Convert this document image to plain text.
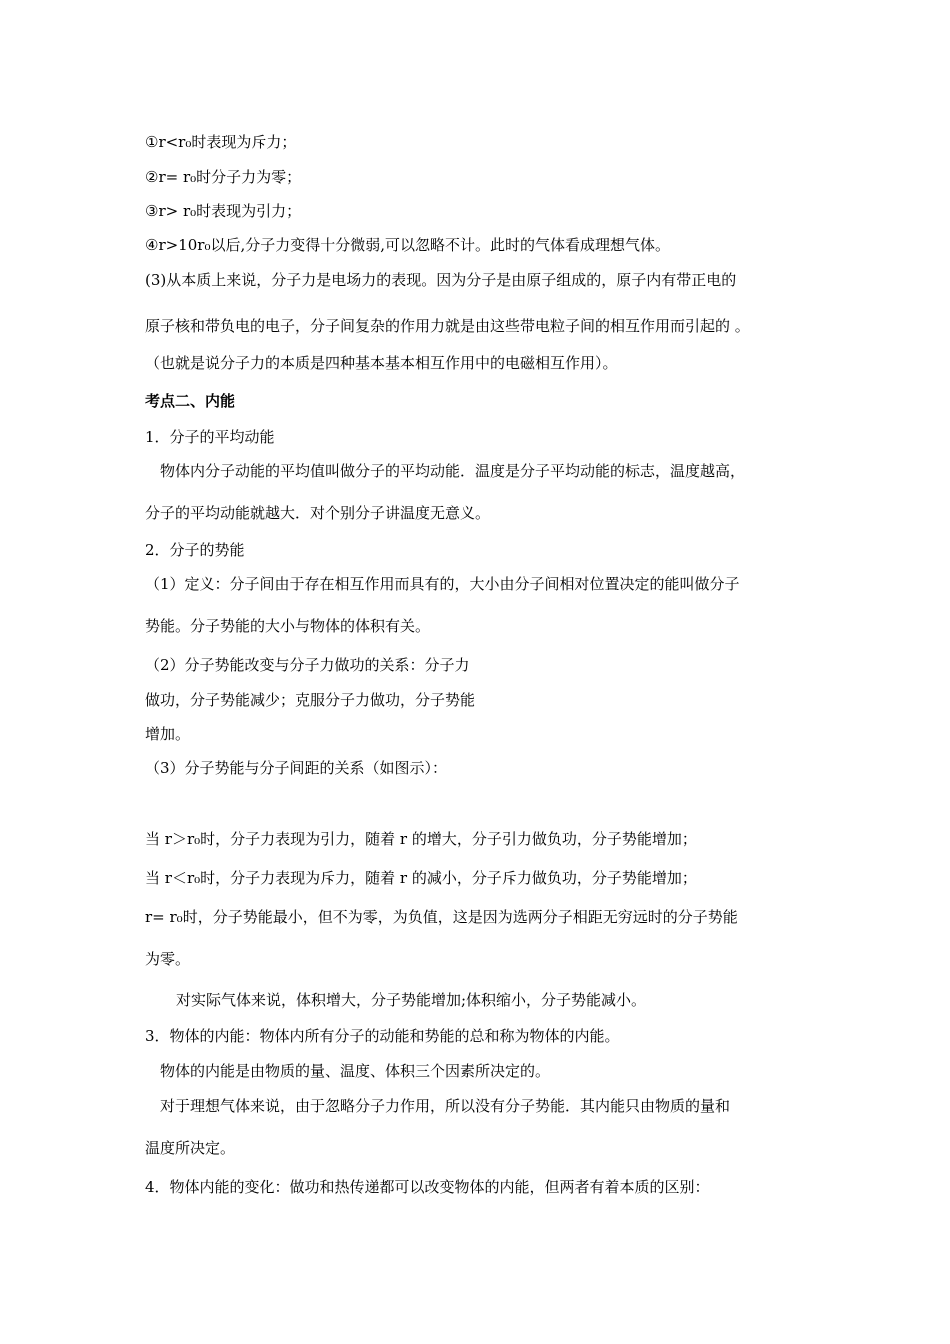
①r<r₀时表现为斥力；
②r= r₀时分子力为零；
③r> r₀时表现为引力；
④r>10r₀以后,分子力变得十分微弱,可以忽略不计。此时的气体看成理想气体。
(3)从本质上来说，分子力是电场力的表现。因为分子是由原子组成的，原子内有带正电的
原子核和带负电的电子，分子间复杂的作用力就是由这些带电粒子间的相互作用而引起的 。
（也就是说分子力的本质是四种基本基本相互作用中的电磁相互作用）。
考点二、内能
1．分子的平均动能
物体内分子动能的平均值叫做分子的平均动能．温度是分子平均动能的标志，温度越高，
分子的平均动能就越大．对个别分子讲温度无意义。
2．分子的势能
（1）定义：分子间由于存在相互作用而具有的，大小由分子间相对位置决定的能叫做分子
势能。分子势能的大小与物体的体积有关。
（2）分子势能改变与分子力做功的关系：分子力
做功，分子势能减少；克服分子力做功，分子势能
增加。
（3）分子势能与分子间距的关系（如图示）：
当 r＞r₀时，分子力表现为引力，随着 r 的增大，分子引力做负功，分子势能增加；
当 r＜r₀时，分子力表现为斥力，随着 r 的减小，分子斥力做负功，分子势能增加；
r= r₀时，分子势能最小，但不为零，为负值，这是因为选两分子相距无穷远时的分子势能
为零。
对实际气体来说，体积增大，分子势能增加;体积缩小，分子势能减小。
3．物体的内能：物体内所有分子的动能和势能的总和称为物体的内能。
物体的内能是由物质的量、温度、体积三个因素所决定的。
对于理想气体来说，由于忽略分子力作用，所以没有分子势能．其内能只由物质的量和
温度所决定。
4．物体内能的变化：做功和热传递都可以改变物体的内能，但两者有着本质的区别：
